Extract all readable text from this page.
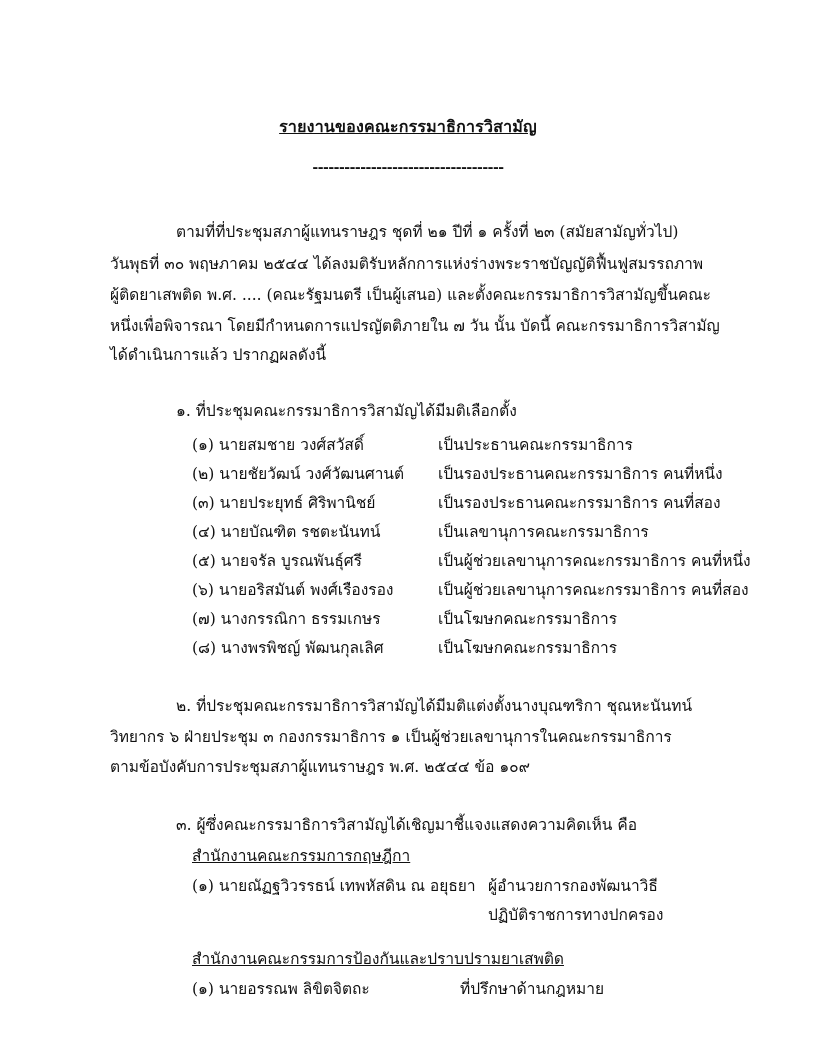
รายงานของคณะกรรมาธิการวิสามัญ
------------------------------------
ตามที่ที่ประชุมสภาผู้แทนราษฎร ชุดที่ ๒๑ ปีที่ ๑ ครั้งที่ ๒๓ (สมัยสามัญทั่วไป)
วันพุธที่ ๓๐ พฤษภาคม ๒๕๔๔ ได้ลงมติรับหลักการแห่งร่างพระราชบัญญัติฟื้นฟูสมรรถภาพ
ผู้ติดยาเสพติด พ.ศ. .... (คณะรัฐมนตรี เป็นผู้เสนอ) และตั้งคณะกรรมาธิการวิสามัญขึ้นคณะ
หนึ่งเพื่อพิจารณา โดยมีกำหนดการแปรญัตติภายใน ๗ วัน นั้น บัดนี้ คณะกรรมาธิการวิสามัญ
ได้ดำเนินการแล้ว ปรากฏผลดังนี้
๑. ที่ประชุมคณะกรรมาธิการวิสามัญได้มีมติเลือกตั้ง
(๑) นายสมชาย วงศ์สวัสดิ์	เป็นประธานคณะกรรมาธิการ
(๒) นายชัยวัฒน์ วงศ์วัฒนศานต์ เป็นรองประธานคณะกรรมาธิการ คนที่หนึ่ง
(๓) นายประยุทธ์ ศิริพานิชย์	เป็นรองประธานคณะกรรมาธิการ คนที่สอง
(๔) นายบัณฑิต รชตะนันทน์	เป็นเลขานุการคณะกรรมาธิการ
(๕) นายจรัล บูรณพันธุ์ศรี	เป็นผู้ช่วยเลขานุการคณะกรรมาธิการ คนที่หนึ่ง
(๖) นายอริสมันต์ พงศ์เรืองรอง	เป็นผู้ช่วยเลขานุการคณะกรรมาธิการ คนที่สอง
(๗) นางกรรณิกา ธรรมเกษร	เป็นโฆษกคณะกรรมาธิการ
(๘) นางพรพิชญ์ พัฒนกุลเลิศ	เป็นโฆษกคณะกรรมาธิการ
๒. ที่ประชุมคณะกรรมาธิการวิสามัญได้มีมติแต่งตั้งนางบุณฑริกา ชุณหะนันทน์
วิทยากร ๖ ฝ่ายประชุม ๓ กองกรรมาธิการ ๑ เป็นผู้ช่วยเลขานุการในคณะกรรมาธิการ
ตามข้อบังคับการประชุมสภาผู้แทนราษฎร พ.ศ. ๒๕๔๔ ข้อ ๑๐๙
๓. ผู้ซึ่งคณะกรรมาธิการวิสามัญได้เชิญมาชี้แจงแสดงความคิดเห็น คือ
สำนักงานคณะกรรมการกฤษฎีกา
(๑) นายณัฏฐวิวรรธน์ เทพหัสดิน ณ อยุธยา ผู้อำนวยการกองพัฒนาวิธี
ปฏิบัติราชการทางปกครอง
สำนักงานคณะกรรมการป้องกันและปราบปรามยาเสพติด
(๑) นายอรรณพ ลิขิตจิตถะ	ที่ปรึกษาด้านกฎหมาย
